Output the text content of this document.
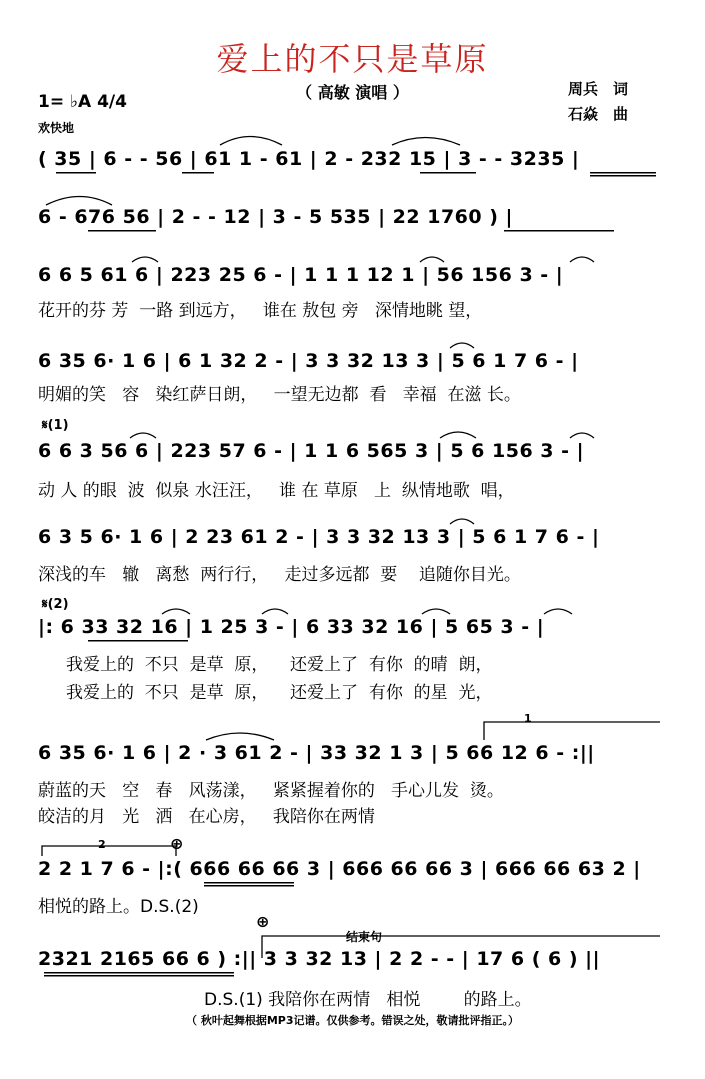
爱上的不只是草原
（ 高敏 演唱 ）	周兵　词
石焱　曲
1= ♭A 4/4
欢快地
( 35 | 6 - - 56 | 61 1 - 61 | 2 - 232 15 | 3 - - 3235 |
6 - 676 56 | 2 - - 12 | 3 - 5 535 | 22 1760 ) |
6 6 5 61 6 | 223 25 6 - | 1 1 1 12 1 | 56 156 3 - |
花开的芬 芳  一路 到远方，   谁在 敖包 旁   深情地眺 望，
6 35 6· 1 6 | 6 1 32 2 - | 3 3 32 13 3 | 5 6 1 7 6 - |
明媚的笑   容   染红萨日朗，   一望无边都  看   幸福  在滋 长。
𝄋(1)
6 6 3 56 6 | 223 57 6 - | 1 1 6 565 3 | 5 6 156 3 - |
动 人 的眼  波  似泉 水汪汪，   谁 在 草原   上  纵情地歌  唱，
6 3 5 6· 1 6 | 2 23 61 2 - | 3 3 32 13 3 | 5 6 1 7 6 - |
深浅的车   辙   离愁  两行行，   走过多远都  要    追随你目光。
𝄋(2)
|: 6 33 32 16 | 1 25 3 - | 6 33 32 16 | 5 65 3 - |
我爱上的  不只  是草  原，    还爱上了  有你  的晴  朗，
我爱上的  不只  是草  原，    还爱上了  有你  的星  光，
1
6 35 6· 1 6 | 2 · 3 61 2 - | 33 32 1 3 | 5 66 12 6 - :||
蔚蓝的天   空   春   风荡漾，   紧紧握着你的   手心儿发  烫。
皎洁的月   光   洒   在心房，   我陪你在两情
2	⊕
2 2 1 7 6 - |:( 666 66 66 3 | 666 66 66 3 | 666 66 63 2 |
相悦的路上。D.S.(2)
⊕
结束句
2321 2165 66 6 ) :|| 3 3 32 13 | 2 2 - - | 17 6 ( 6 ) ||
D.S.(1) 我陪你在两情   相悦        的路上。
（ 秋叶起舞根据MP3记谱。仅供参考。错误之处，敬请批评指正。）
